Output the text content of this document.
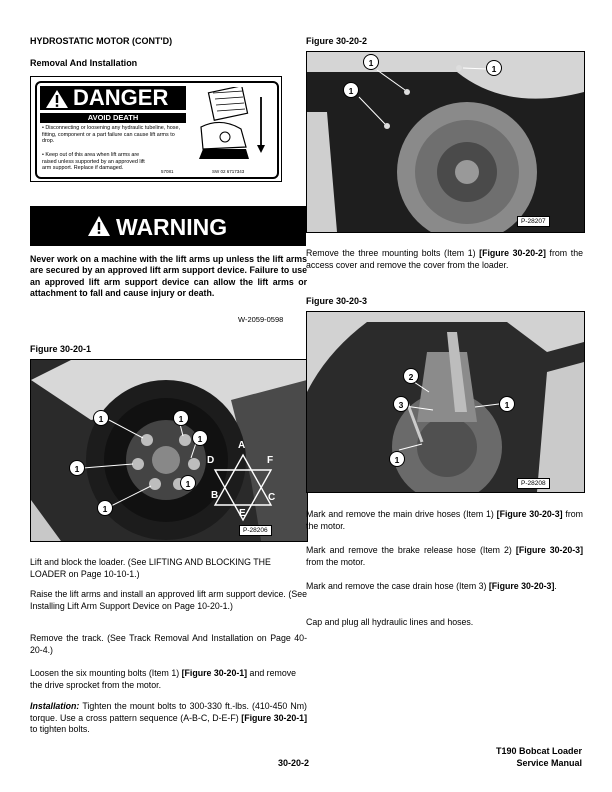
HYDROSTATIC MOTOR (CONT'D)
Removal And Installation
DANGER
AVOID DEATH
• Disconnecting or loosening any hydraulic tubeline, hose, fitting, component or a part failure can cause lift arms to drop.
• Keep out of this area when lift arms are raised unless supported by an approved lift arm support. Replace if damaged.
57081	SW 02 6717343
WARNING
Never work on a machine with the lift arms up unless the lift arms are secured by an approved lift arm support device. Failure to use an approved lift arm support device can allow the lift arms or attachment to fall and cause injury or death.
W-2059-0598
Figure 30-20-1
1	1
1
1
1
1
A
D	F
B	C
E
P-28206
Lift and block the loader. (See LIFTING AND BLOCKING THE LOADER on Page 10-10-1.)
Raise the lift arms and install an approved lift arm support device. (See Installing Lift Arm Support Device on Page 10-20-1.)
Remove the track. (See Track Removal And Installation on Page 40-20-4.)
Loosen the six mounting bolts (Item 1) [Figure 30-20-1] and remove the drive sprocket from the motor.
Installation: Tighten the mount bolts to 300-330 ft.-lbs. (410-450 Nm) torque. Use a cross pattern sequence (A-B-C, D-E-F) [Figure 30-20-1] to tighten bolts.
Figure 30-20-2
1
1
1
P-28207
Remove the three mounting bolts (Item 1) [Figure 30-20-2] from the access cover and remove the cover from the loader.
Figure 30-20-3
2
3	1
1
P-28208
Mark and remove the main drive hoses (Item 1) [Figure 30-20-3] from the motor.
Mark and remove the brake release hose (Item 2) [Figure 30-20-3] from the motor.
Mark and remove the case drain hose (Item 3) [Figure 30-20-3].
Cap and plug all hydraulic lines and hoses.
30-20-2
T190 Bobcat Loader
Service Manual
